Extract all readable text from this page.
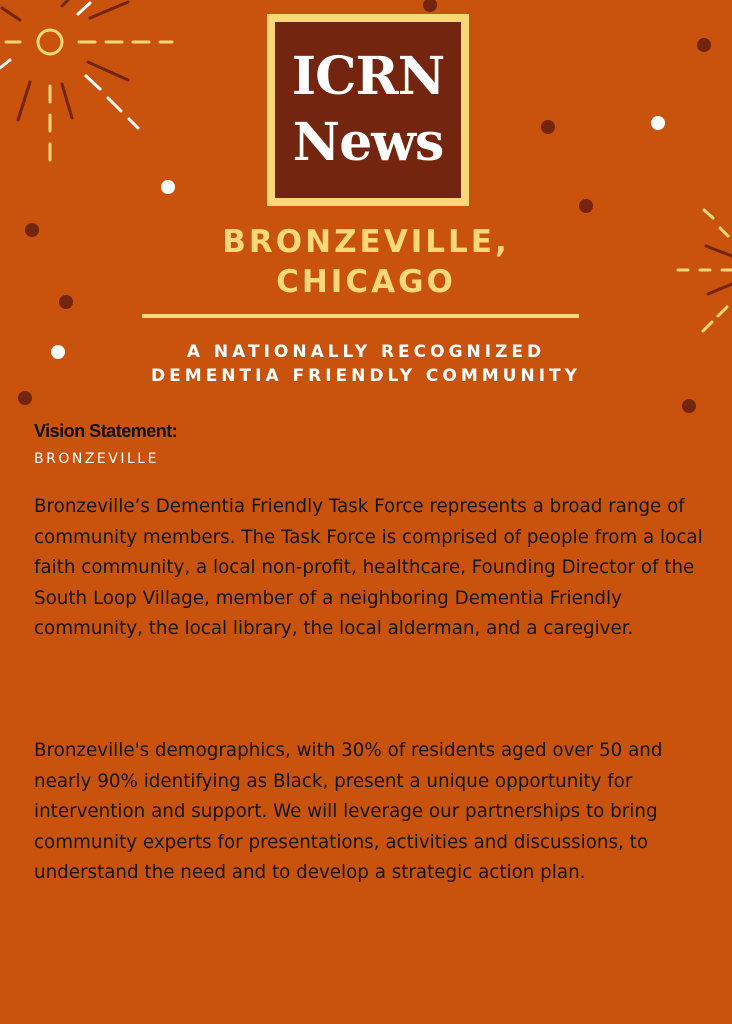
ICRN
News
BRONZEVILLE,
CHICAGO
A NATIONALLY RECOGNIZED
DEMENTIA FRIENDLY COMMUNITY
Vision Statement:
BRONZEVILLE

Bronzeville’s Dementia Friendly Task Force represents a broad range of community members. The Task Force is comprised of people from a local faith community, a local non-profit, healthcare, Founding Director of the South Loop Village, member of a neighboring Dementia Friendly community, the local library, the local alderman, and a caregiver.

Bronzeville's demographics, with 30% of residents aged over 50 and nearly 90% identifying as Black, present a unique opportunity for intervention and support. We will leverage our partnerships to bring community experts for presentations, activities and discussions, to understand the need and to develop a strategic action plan.
